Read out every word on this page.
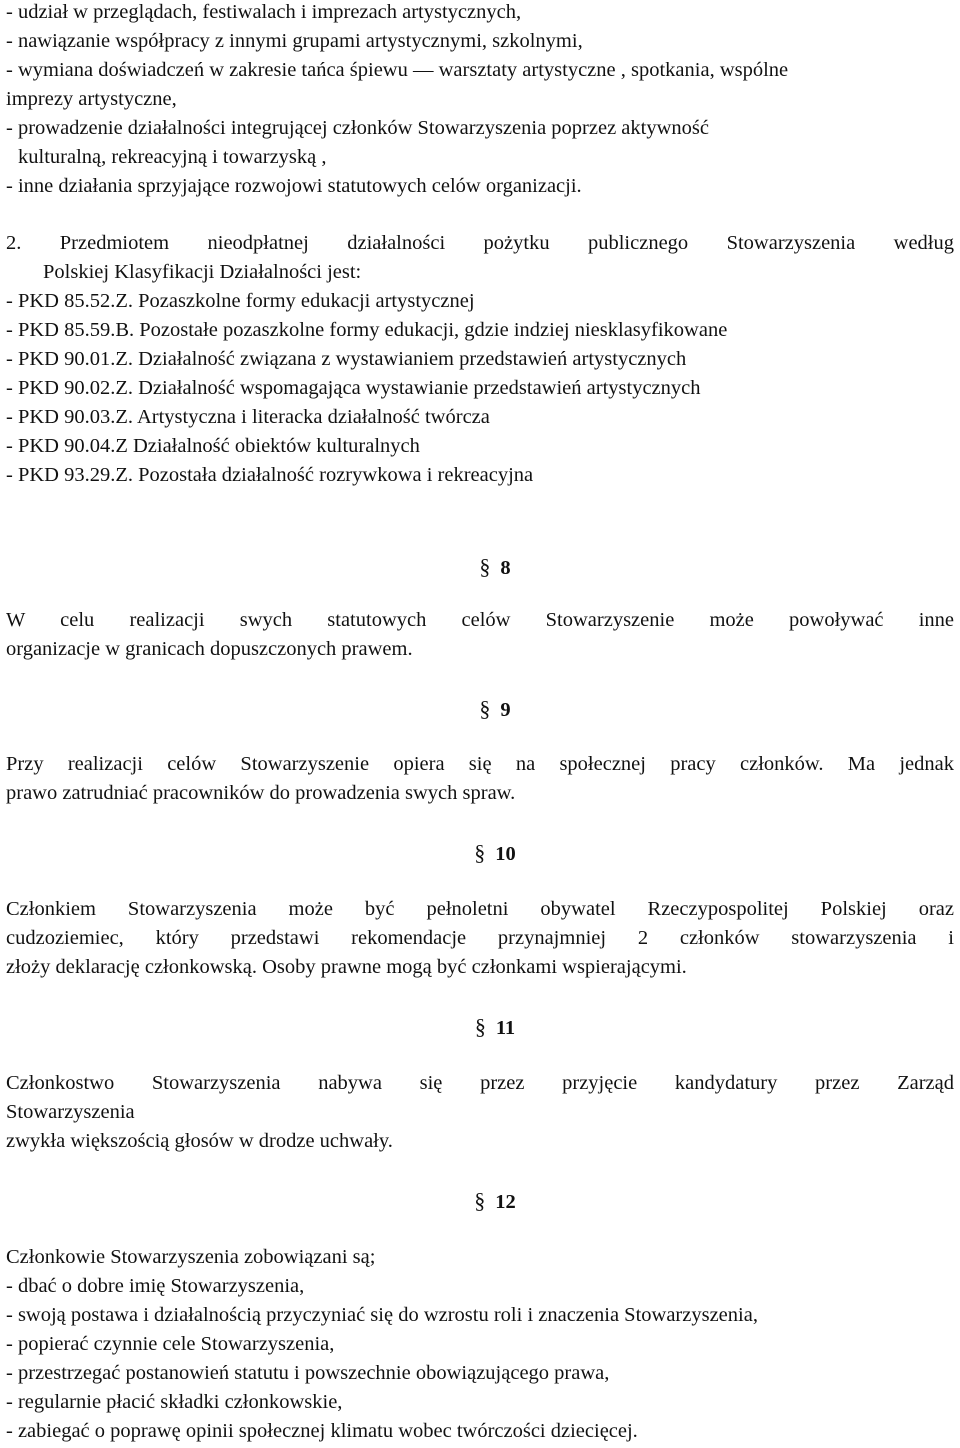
- udział w przeglądach, festiwalach i imprezach artystycznych,
- nawiązanie współpracy z innymi grupami artystycznymi, szkolnymi,
- wymiana doświadczeń w zakresie tańca śpiewu — warsztaty artystyczne , spotkania, wspólne
imprezy artystyczne,
- prowadzenie działalności integrującej członków Stowarzyszenia poprzez aktywność
kulturalną, rekreacyjną i towarzyską ,
- inne działania sprzyjające rozwojowi statutowych celów organizacji.
2. Przedmiotem nieodpłatnej działalności pożytku publicznego Stowarzyszenia według
Polskiej Klasyfikacji Działalności jest:
- PKD 85.52.Z. Pozaszkolne formy edukacji artystycznej
- PKD 85.59.B. Pozostałe pozaszkolne formy edukacji, gdzie indziej niesklasyfikowane
- PKD 90.01.Z. Działalność związana z wystawianiem przedstawień artystycznych
- PKD 90.02.Z. Działalność wspomagająca wystawianie przedstawień artystycznych
- PKD 90.03.Z. Artystyczna i literacka działalność twórcza
- PKD 90.04.Z Działalność obiektów kulturalnych
- PKD 93.29.Z. Pozostała działalność rozrywkowa i rekreacyjna
§ 8
W celu realizacji swych statutowych celów Stowarzyszenie może powoływać inne
organizacje w granicach dopuszczonych prawem.
§ 9
Przy realizacji celów Stowarzyszenie opiera się na społecznej pracy członków. Ma jednak
prawo zatrudniać pracowników do prowadzenia swych spraw.
§ 10
Członkiem Stowarzyszenia może być pełnoletni obywatel Rzeczypospolitej Polskiej oraz
cudzoziemiec, który przedstawi rekomendacje przynajmniej 2 członków stowarzyszenia i
złoży deklarację członkowską. Osoby prawne mogą być członkami wspierającymi.
§ 11
Członkostwo Stowarzyszenia nabywa się przez przyjęcie kandydatury przez Zarząd
Stowarzyszenia
zwykła większością głosów w drodze uchwały.
§ 12
Członkowie Stowarzyszenia zobowiązani są;
- dbać o dobre imię Stowarzyszenia,
- swoją postawa i działalnością przyczyniać się do wzrostu roli i znaczenia Stowarzyszenia,
- popierać czynnie cele Stowarzyszenia,
- przestrzegać postanowień statutu i powszechnie obowiązującego prawa,
- regularnie płacić składki członkowskie,
- zabiegać o poprawę opinii społecznej klimatu wobec twórczości dziecięcej.
